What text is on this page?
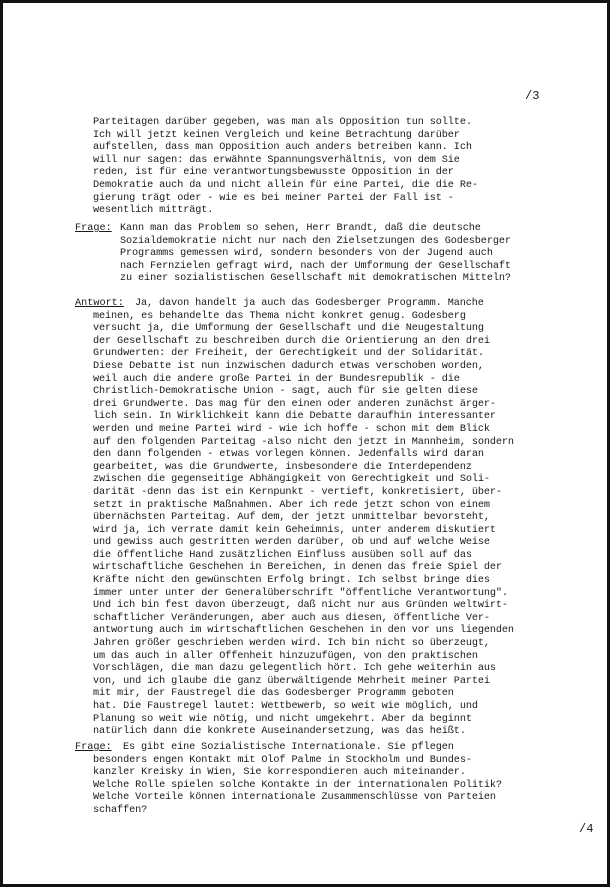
/3

Parteitagen darüber gegeben, was man als Opposition tun sollte.
Ich will jetzt keinen Vergleich und keine Betrachtung darüber
aufstellen, dass man Opposition auch anders betreiben kann. Ich
will nur sagen: das erwähnte Spannungsverhältnis, von dem Sie
reden, ist für eine verantwortungsbewusste Opposition in der
Demokratie auch da und nicht allein für eine Partei, die die Re-
gierung trägt oder - wie es bei meiner Partei der Fall ist -
wesentlich mitträgt.

Frage: Kann man das Problem so sehen, Herr Brandt, daß die deutsche
Sozialdemokratie nicht nur nach den Zielsetzungen des Godesberger
Programms gemessen wird, sondern besonders von der Jugend auch
nach Fernzielen gefragt wird, nach der Umformung der Gesellschaft
zu einer sozialistischen Gesellschaft mit demokratischen Mitteln?

Antwort:	Ja, davon handelt ja auch das Godesberger Programm. Manche
meinen, es behandelte das Thema nicht konkret genug. Godesberg
versucht ja, die Umformung der Gesellschaft und die Neugestaltung
der Gesellschaft zu beschreiben durch die Orientierung an den drei
Grundwerten: der Freiheit, der Gerechtigkeit und der Solidarität.
Diese Debatte ist nun inzwischen dadurch etwas verschoben worden,
weil auch die andere große Partei in der Bundesrepublik - die
Christlich-Demokratische Union - sagt, auch für sie gelten diese
drei Grundwerte. Das mag für den einen oder anderen zunächst ärger-
lich sein. In Wirklichkeit kann die Debatte daraufhin interessanter
werden und meine Partei wird - wie ich hoffe - schon mit dem Blick
auf den folgenden Parteitag -also nicht den jetzt in Mannheim, sondern
den dann folgenden - etwas vorlegen können. Jedenfalls wird daran
gearbeitet, was die Grundwerte, insbesondere die Interdependenz
zwischen die gegenseitige Abhängigkeit von Gerechtigkeit und Soli-
darität -denn das ist ein Kernpunkt - vertieft, konkretisiert, über-
setzt in praktische Maßnahmen. Aber ich rede jetzt schon von einem
übernächsten Parteitag. Auf dem, der jetzt unmittelbar bevorsteht,
wird ja, ich verrate damit kein Geheimnis, unter anderem diskutiert
und gewiss auch gestritten werden darüber, ob und auf welche Weise
die öffentliche Hand zusätzlichen Einfluss ausüben soll auf das
wirtschaftliche Geschehen in Bereichen, in denen das freie Spiel der
Kräfte nicht den gewünschten Erfolg bringt. Ich selbst bringe dies
immer unter unter der Generalüberschrift "öffentliche Verantwortung".
Und ich bin fest davon überzeugt, daß nicht nur aus Gründen weltwirt-
schaftlicher Veränderungen, aber auch aus diesen, öffentliche Ver-
antwortung auch im wirtschaftlichen Geschehen in den vor uns liegenden
Jahren größer geschrieben werden wird. Ich bin nicht so überzeugt,
um das auch in aller Offenheit hinzuzufügen, von den praktischen
Vorschlägen, die man dazu gelegentlich hört. Ich gehe weiterhin aus
von, und ich glaube die ganz überwältigende Mehrheit meiner Partei
mit mir, der Faustregel die das Godesberger Programm geboten
hat. Die Faustregel lautet: Wettbewerb, so weit wie möglich, und
Planung so weit wie nötig, und nicht umgekehrt. Aber da beginnt
natürlich dann die konkrete Auseinandersetzung, was das heißt.

Frage:	Es gibt eine Sozialistische Internationale. Sie pflegen
besonders engen Kontakt mit Olof Palme in Stockholm und Bundes-
kanzler Kreisky in Wien, Sie korrespondieren auch miteinander.
Welche Rolle spielen solche Kontakte in der internationalen Politik?
Welche Vorteile können internationale Zusammenschlüsse von Parteien
schaffen?

/4
